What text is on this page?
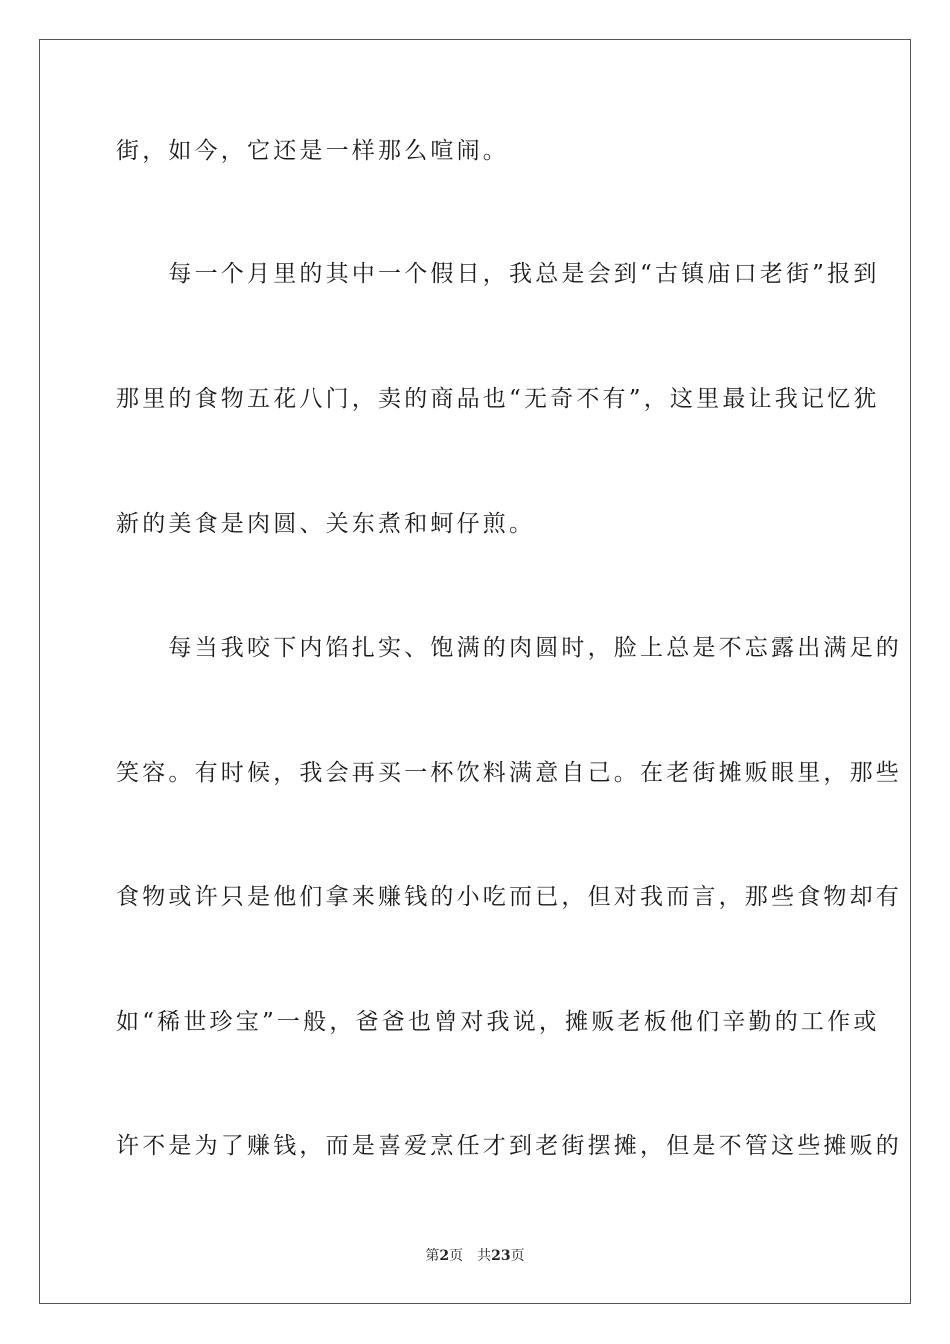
街，如今，它还是一样那么喧闹。
　　每一个月里的其中一个假日，我总是会到“古镇庙口老街”报到
那里的食物五花八门，卖的商品也“无奇不有”，这里最让我记忆犹
新的美食是肉圆、关东煮和蚵仔煎。
　　每当我咬下内馅扎实、饱满的肉圆时，脸上总是不忘露出满足的
笑容。有时候，我会再买一杯饮料满意自己。在老街摊贩眼里，那些
食物或许只是他们拿来赚钱的小吃而已，但对我而言，那些食物却有
如“稀世珍宝”一般，爸爸也曾对我说，摊贩老板他们辛勤的工作或
许不是为了赚钱，而是喜爱烹任才到老街摆摊，但是不管这些摊贩的
第2页 共23页
